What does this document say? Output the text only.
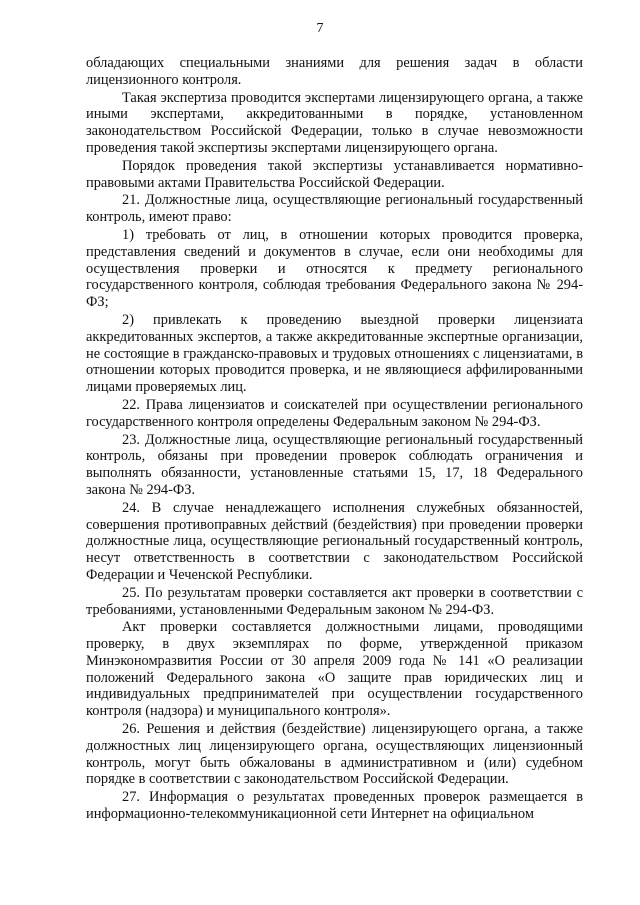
7

обладающих специальными знаниями для решения задач в области лицензионного контроля.

Такая экспертиза проводится экспертами лицензирующего органа, а также иными экспертами, аккредитованными в порядке, установленном законодательством Российской Федерации, только в случае невозможности проведения такой экспертизы экспертами лицензирующего органа.

Порядок проведения такой экспертизы устанавливается нормативно-правовыми актами Правительства Российской Федерации.

21. Должностные лица, осуществляющие региональный государственный контроль, имеют право:

1) требовать от лиц, в отношении которых проводится проверка, представления сведений и документов в случае, если они необходимы для осуществления проверки и относятся к предмету регионального государственного контроля, соблюдая требования Федерального закона № 294-ФЗ;

2) привлекать к проведению выездной проверки лицензиата аккредитованных экспертов, а также аккредитованные экспертные организации, не состоящие в гражданско-правовых и трудовых отношениях с лицензиатами, в отношении которых проводится проверка, и не являющиеся аффилированными лицами проверяемых лиц.

22. Права лицензиатов и соискателей при осуществлении регионального государственного контроля определены Федеральным законом № 294-ФЗ.

23. Должностные лица, осуществляющие региональный государственный контроль, обязаны при проведении проверок соблюдать ограничения и выполнять обязанности, установленные статьями 15, 17, 18 Федерального закона № 294-ФЗ.

24. В случае ненадлежащего исполнения служебных обязанностей, совершения противоправных действий (бездействия) при проведении проверки должностные лица, осуществляющие региональный государственный контроль, несут ответственность в соответствии с законодательством Российской Федерации и Чеченской Республики.

25. По результатам проверки составляется акт проверки в соответствии с требованиями, установленными Федеральным законом № 294-ФЗ.

Акт проверки составляется должностными лицами, проводящими проверку, в двух экземплярах по форме, утвержденной приказом Минэкономразвития России от 30 апреля 2009 года № 141 «О реализации положений Федерального закона «О защите прав юридических лиц и индивидуальных предпринимателей при осуществлении государственного контроля (надзора) и муниципального контроля».

26. Решения и действия (бездействие) лицензирующего органа, а также должностных лиц лицензирующего органа, осуществляющих лицензионный контроль, могут быть обжалованы в административном и (или) судебном порядке в соответствии с законодательством Российской Федерации.

27. Информация о результатах проведенных проверок размещается в информационно-телекоммуникационной сети Интернет на официальном
